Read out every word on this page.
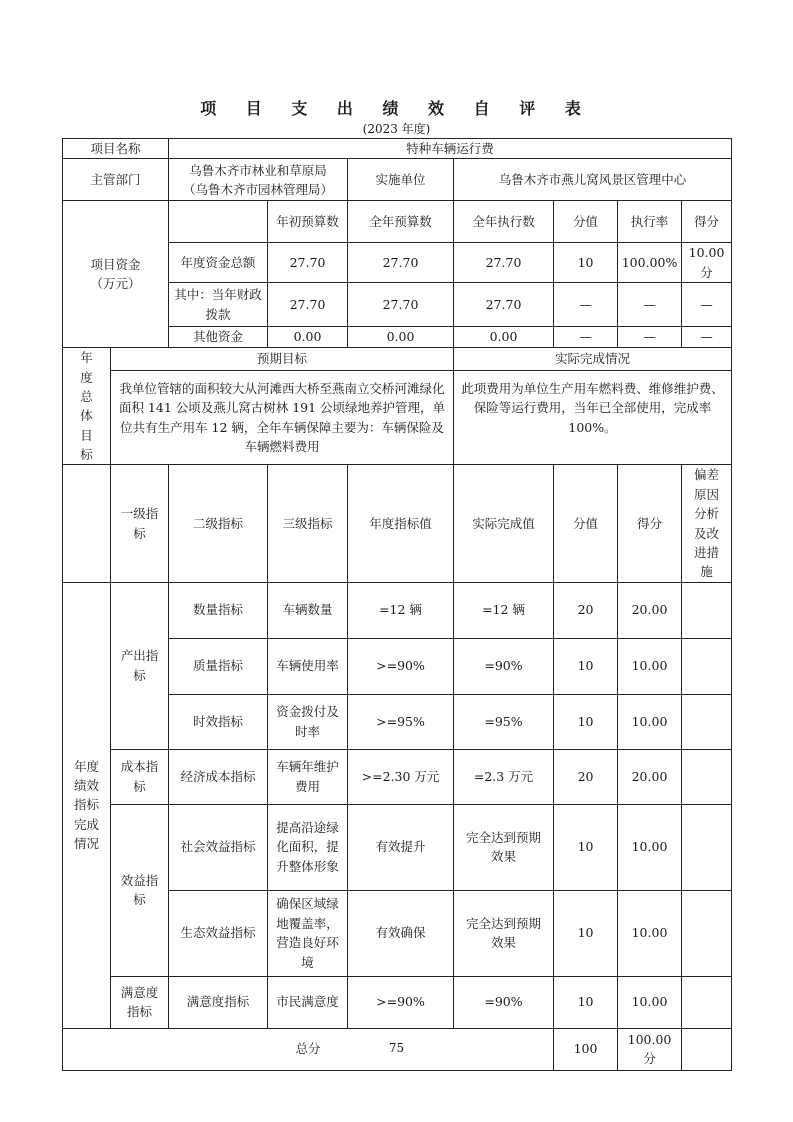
项 目 支 出 绩 效 自 评 表
(2023 年度)
项目名称		特种车辆运行费						
主管部门		乌鲁木齐市林业和草原局
（乌鲁木齐市园林管理局）		实施单位	乌鲁木齐市燕儿窝风景区管理中心			

项目资金
（万元）			年初预算数	全年预算数	全年执行数	分值	执行率	得分
		年度资金总额	27.70	27.70	27.70	10	100.00%	10.00 分
		其中：当年财政拨款	27.70	27.70	27.70	—	—	—
		其他资金	0.00	0.00	0.00	—	—	—
年度总体目标	预期目标				实际完成情况			
	我单位管辖的面积较大从河滩西大桥至燕南立交桥河滩绿化面积 141 公顷及燕儿窝古树林 191 公顷绿地养护管理，单位共有生产用车 12 辆，全年车辆保障主要为：车辆保险及车辆燃料费用				此项费用为单位生产用车燃料费、维修维护费、保险等运行费用，当年已全部使用，完成率 100%。			
	一级指标	二级指标	三级指标	年度指标值	实际完成值	分值	得分	偏差原因分析及改进措施
年度绩效指标完成情况	产出指标	数量指标	车辆数量	=12 辆	=12 辆	20	20.00	
		质量指标	车辆使用率	>=90%	=90%	10	10.00	
		时效指标	资金拨付及时率	>=95%	=95%	10	10.00	
	成本指标	经济成本指标	车辆年维护费用	>=2.30 万元	=2.3 万元	20	20.00	
	效益指标	社会效益指标	提高沿途绿化面积，提升整体形象	有效提升	完全达到预期效果	10	10.00	
		生态效益指标	确保区域绿地覆盖率，营造良好环境	有效确保	完全达到预期效果	10	10.00	
	满意度指标	满意度指标	市民满意度	>=90%	=90%	10	10.00	
总分						100	100.00 分	
75
